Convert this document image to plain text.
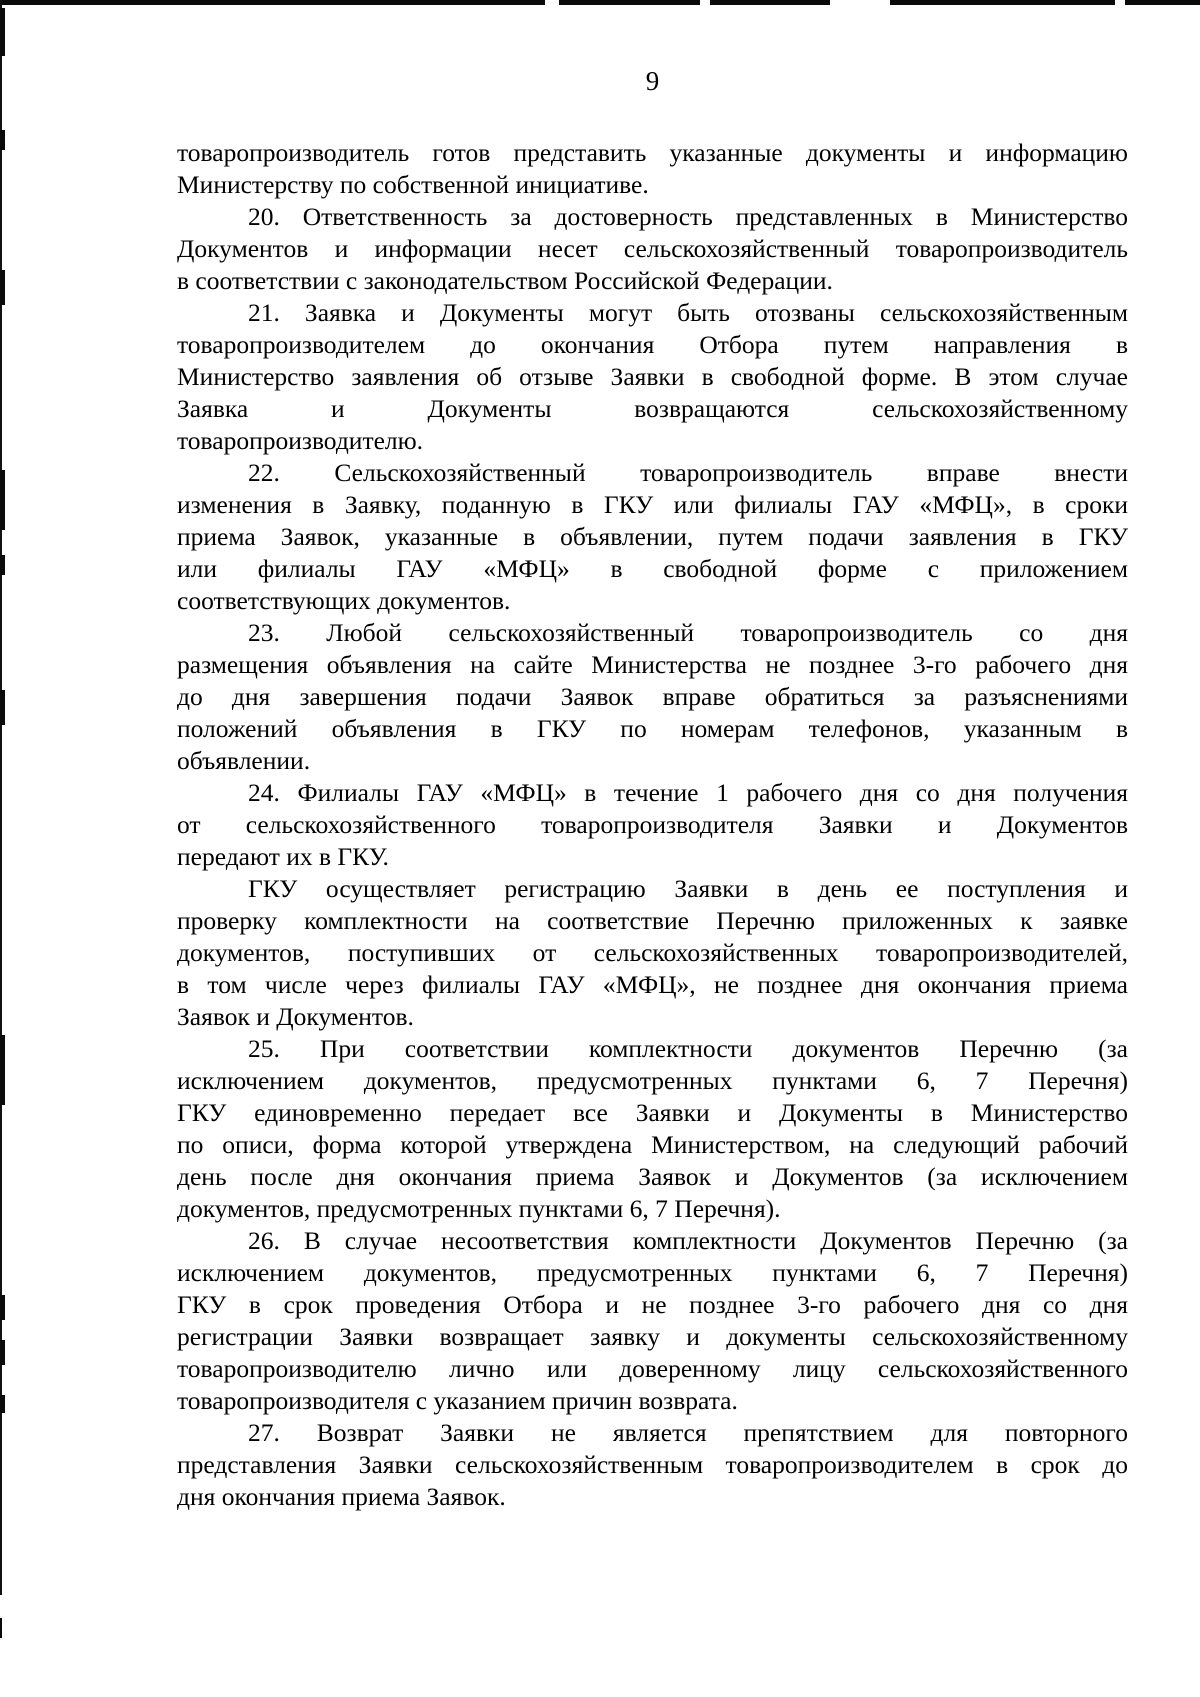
9
товаропроизводитель готов представить указанные документы и информацию
Министерству по собственной инициативе.
20. Ответственность за достоверность представленных в Министерство
Документов и информации несет сельскохозяйственный товаропроизводитель
в соответствии с законодательством Российской Федерации.
21. Заявка и Документы могут быть отозваны сельскохозяйственным
товаропроизводителем до окончания Отбора путем направления в
Министерство заявления об отзыве Заявки в свободной форме. В этом случае
Заявка и Документы возвращаются сельскохозяйственному
товаропроизводителю.
22. Сельскохозяйственный товаропроизводитель вправе внести
изменения в Заявку, поданную в ГКУ или филиалы ГАУ «МФЦ», в сроки
приема Заявок, указанные в объявлении, путем подачи заявления в ГКУ
или филиалы ГАУ «МФЦ» в свободной форме с приложением
соответствующих документов.
23. Любой сельскохозяйственный товаропроизводитель со дня
размещения объявления на сайте Министерства не позднее 3-го рабочего дня
до дня завершения подачи Заявок вправе обратиться за разъяснениями
положений объявления в ГКУ по номерам телефонов, указанным в
объявлении.
24. Филиалы ГАУ «МФЦ» в течение 1 рабочего дня со дня получения
от сельскохозяйственного товаропроизводителя Заявки и Документов
передают их в ГКУ.
ГКУ осуществляет регистрацию Заявки в день ее поступления и
проверку комплектности на соответствие Перечню приложенных к заявке
документов, поступивших от сельскохозяйственных товаропроизводителей,
в том числе через филиалы ГАУ «МФЦ», не позднее дня окончания приема
Заявок и Документов.
25. При соответствии комплектности документов Перечню (за
исключением документов, предусмотренных пунктами 6, 7 Перечня)
ГКУ единовременно передает все Заявки и Документы в Министерство
по описи, форма которой утверждена Министерством, на следующий рабочий
день после дня окончания приема Заявок и Документов (за исключением
документов, предусмотренных пунктами 6, 7 Перечня).
26. В случае несоответствия комплектности Документов Перечню (за
исключением документов, предусмотренных пунктами 6, 7 Перечня)
ГКУ в срок проведения Отбора и не позднее 3-го рабочего дня со дня
регистрации Заявки возвращает заявку и документы сельскохозяйственному
товаропроизводителю лично или доверенному лицу сельскохозяйственного
товаропроизводителя с указанием причин возврата.
27. Возврат Заявки не является препятствием для повторного
представления Заявки сельскохозяйственным товаропроизводителем в срок до
дня окончания приема Заявок.
